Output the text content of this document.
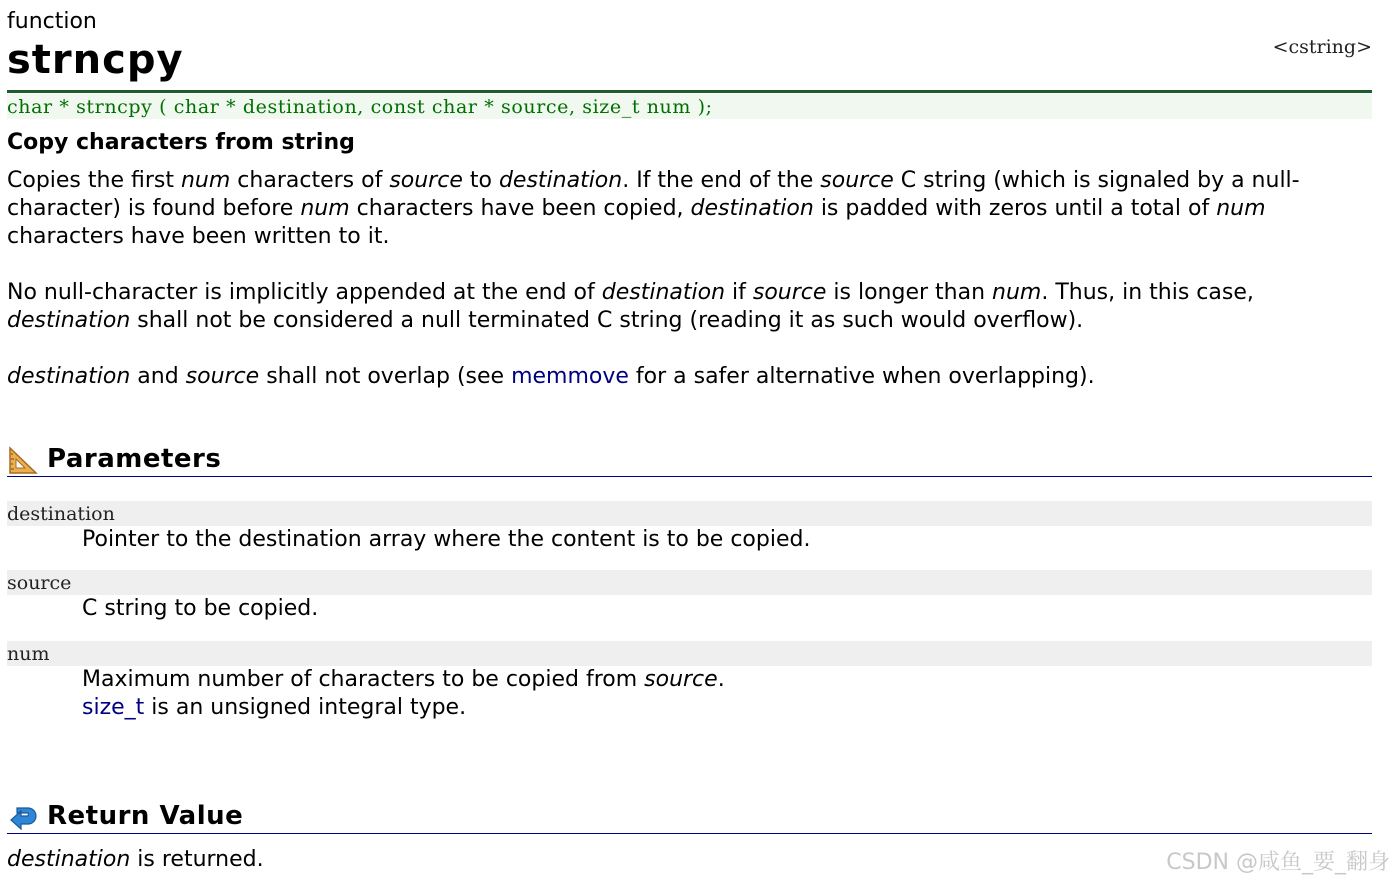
function
strncpy	<cstring>
char * strncpy ( char * destination, const char * source, size_t num );
Copy characters from string

Copies the first num characters of source to destination. If the end of the source C string (which is signaled by a null-character) is found before num characters have been copied, destination is padded with zeros until a total of num characters have been written to it.

No null-character is implicitly appended at the end of destination if source is longer than num. Thus, in this case, destination shall not be considered a null terminated C string (reading it as such would overflow).

destination and source shall not overlap (see memmove for a safer alternative when overlapping).

Parameters
destination
Pointer to the destination array where the content is to be copied.
source
C string to be copied.
num
Maximum number of characters to be copied from source.
size_t is an unsigned integral type.
Return Value
destination is returned.	CSDN @咸鱼_要_翻身
